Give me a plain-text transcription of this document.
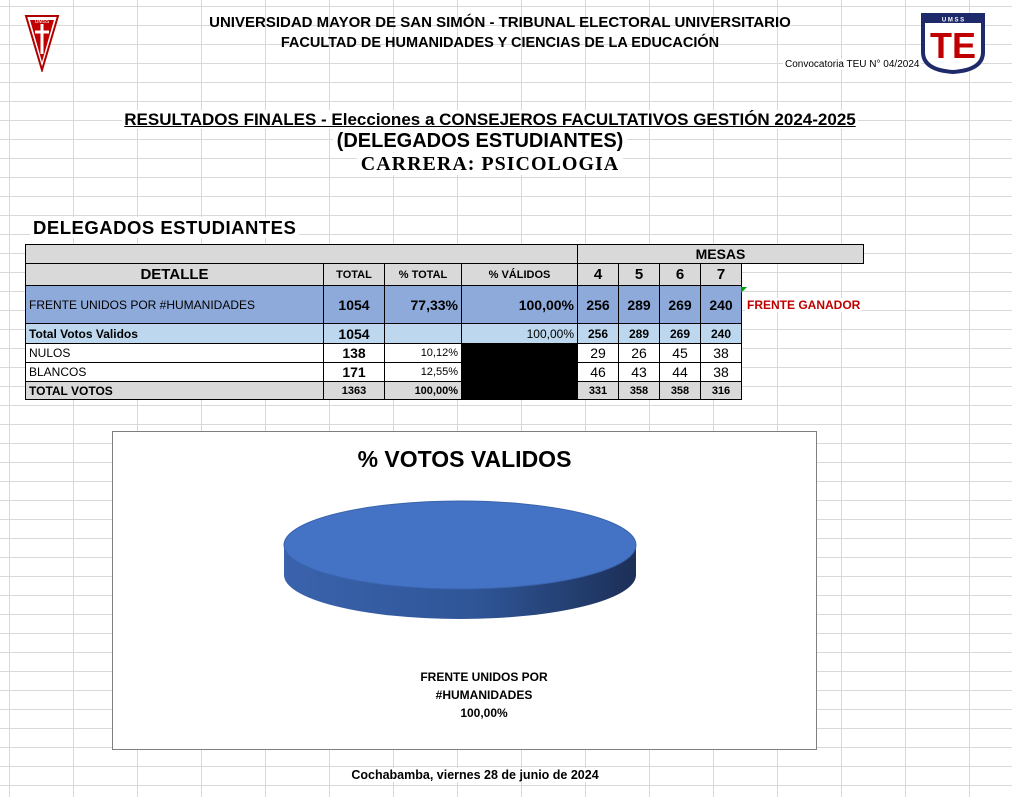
UMSS	U M S S
TE
UNIVERSIDAD MAYOR DE SAN SIMÓN - TRIBUNAL ELECTORAL UNIVERSITARIO
FACULTAD DE HUMANIDADES Y CIENCIAS DE LA EDUCACIÓN
Convocatoria TEU N° 04/2024
RESULTADOS FINALES - Elecciones a CONSEJEROS FACULTATIVOS GESTIÓN 2024-2025
(DELEGADOS ESTUDIANTES)
CARRERA: PSICOLOGIA
DELEGADOS ESTUDIANTES
				MESAS				
DETALLE	TOTAL	% TOTAL	% VÁLIDOS	4	5	6	7	
FRENTE UNIDOS POR #HUMANIDADES	1054	77,33%	100,00%	256	289	269	240	
Total Votos Validos	1054		100,00%	256	289	269	240	
NULOS	138	10,12%		29	26	45	38	
BLANCOS	171	12,55%		46	43	44	38	
TOTAL VOTOS	1363	100,00%		331	358	358	316	
FRENTE GANADOR
% VOTOS VALIDOS
FRENTE UNIDOS POR
#HUMANIDADES
100,00%
Cochabamba, viernes 28 de junio de 2024
